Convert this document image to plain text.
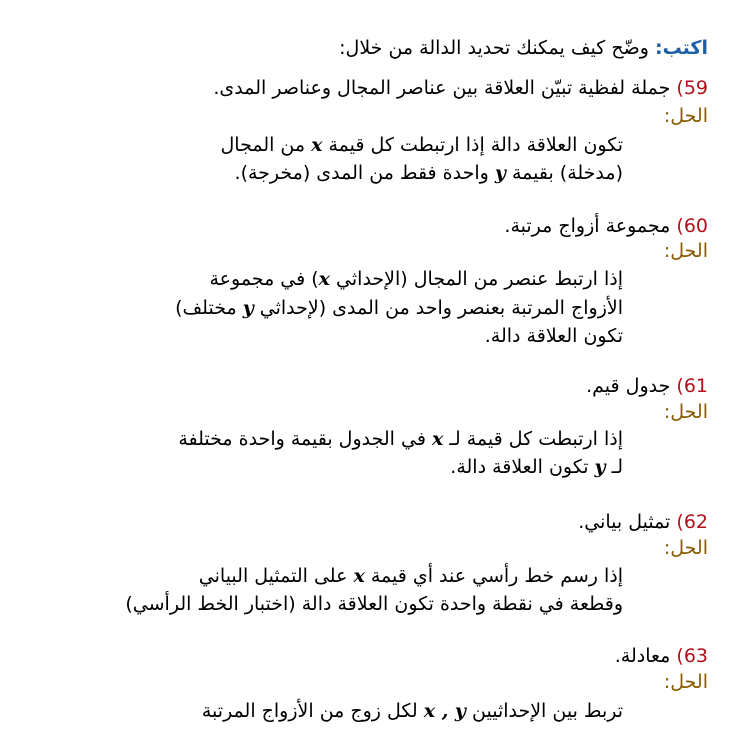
اكتب: وضّح كيف يمكنك تحديد الدالة من خلال:
59) جملة لفظية تبيّن العلاقة بين عناصر المجال وعناصر المدى.
الحل:
تكون العلاقة دالة إذا ارتبطت كل قيمة x من المجال
(مدخلة) بقيمة y واحدة فقط من المدى (مخرجة).
60) مجموعة أزواج مرتبة.
الحل:
إذا ارتبط عنصر من المجال (الإحداثي x) في مجموعة
الأزواج المرتبة بعنصر واحد من المدى (لإحداثي y مختلف)
تكون العلاقة دالة.
61) جدول قيم.
الحل:
إذا ارتبطت كل قيمة لـ x في الجدول بقيمة واحدة مختلفة
لـ y تكون العلاقة دالة.
62) تمثيل بياني.
الحل:
إذا رسم خط رأسي عند أي قيمة x على التمثيل البياني
وقطعة في نقطة واحدة تكون العلاقة دالة (اختبار الخط الرأسي)
63) معادلة.
الحل:
تربط بين الإحداثيين x , y لكل زوج من الأزواج المرتبة
